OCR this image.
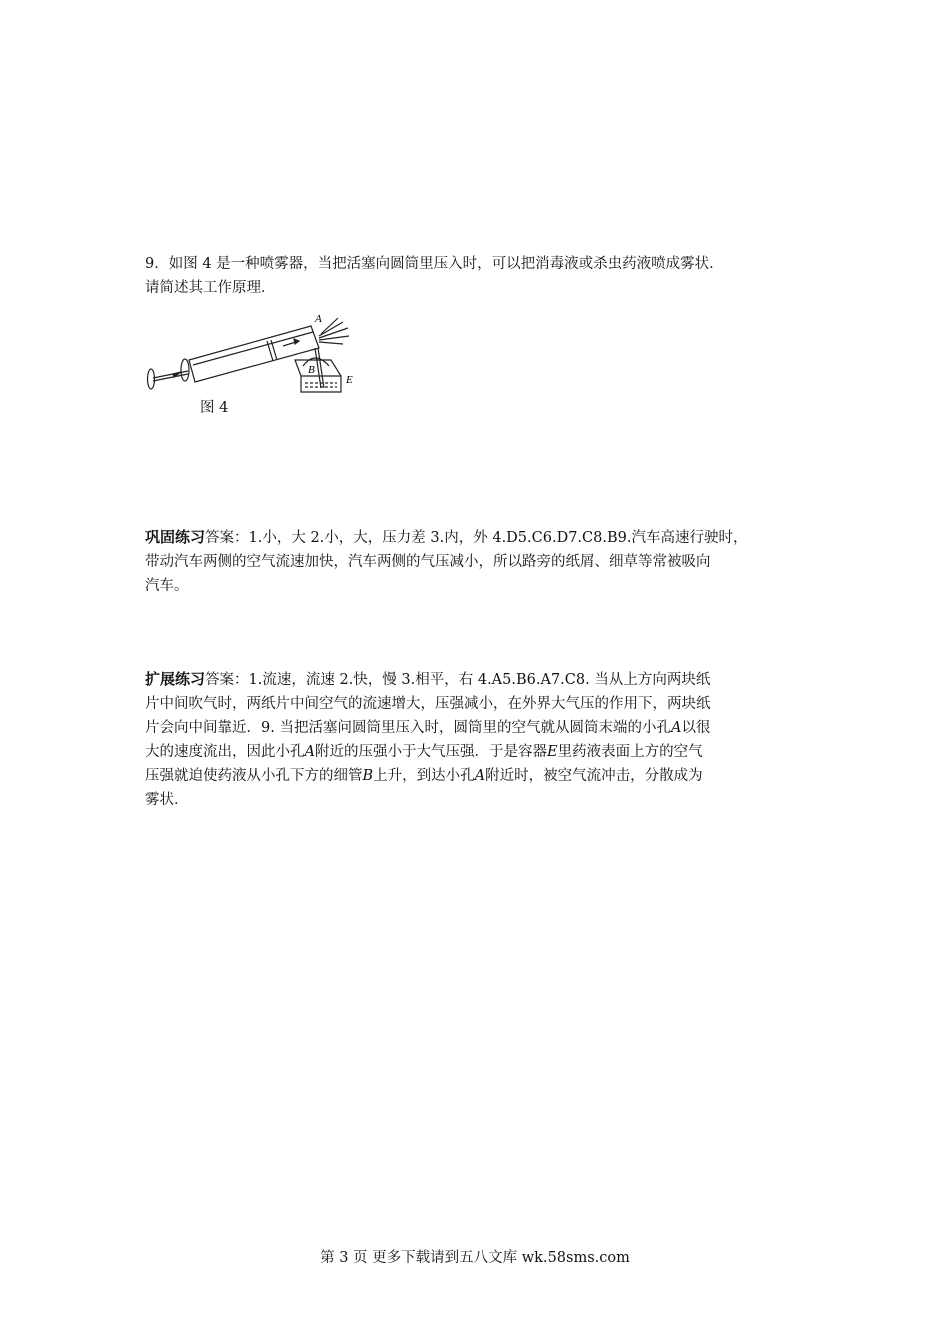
9．如图 4 是一种喷雾器，当把活塞向圆筒里压入时，可以把消毒液或杀虫药液喷成雾状．
请简述其工作原理．
A
B
E
图 4
巩固练习答案：1.小，大 2.小，大，压力差 3.内，外 4.D5.C6.D7.C8.B9.汽车高速行驶时，
带动汽车两侧的空气流速加快，汽车两侧的气压减小，所以路旁的纸屑、细草等常被吸向
汽车。
扩展练习答案：1.流速，流速 2.快，慢 3.相平，右 4.A5.B6.A7.C8. 当从上方向两块纸
片中间吹气时，两纸片中间空气的流速增大，压强减小，在外界大气压的作用下，两块纸
片会向中间靠近．9. 当把活塞问圆筒里压入时，圆筒里的空气就从圆筒末端的小孔A以很
大的速度流出，因此小孔A附近的压强小于大气压强．于是容器E里药液表面上方的空气
压强就迫使药液从小孔下方的细管B上升，到达小孔A附近时，被空气流冲击，分散成为
雾状．
第 3 页 更多下载请到五八文库 wk.58sms.com
